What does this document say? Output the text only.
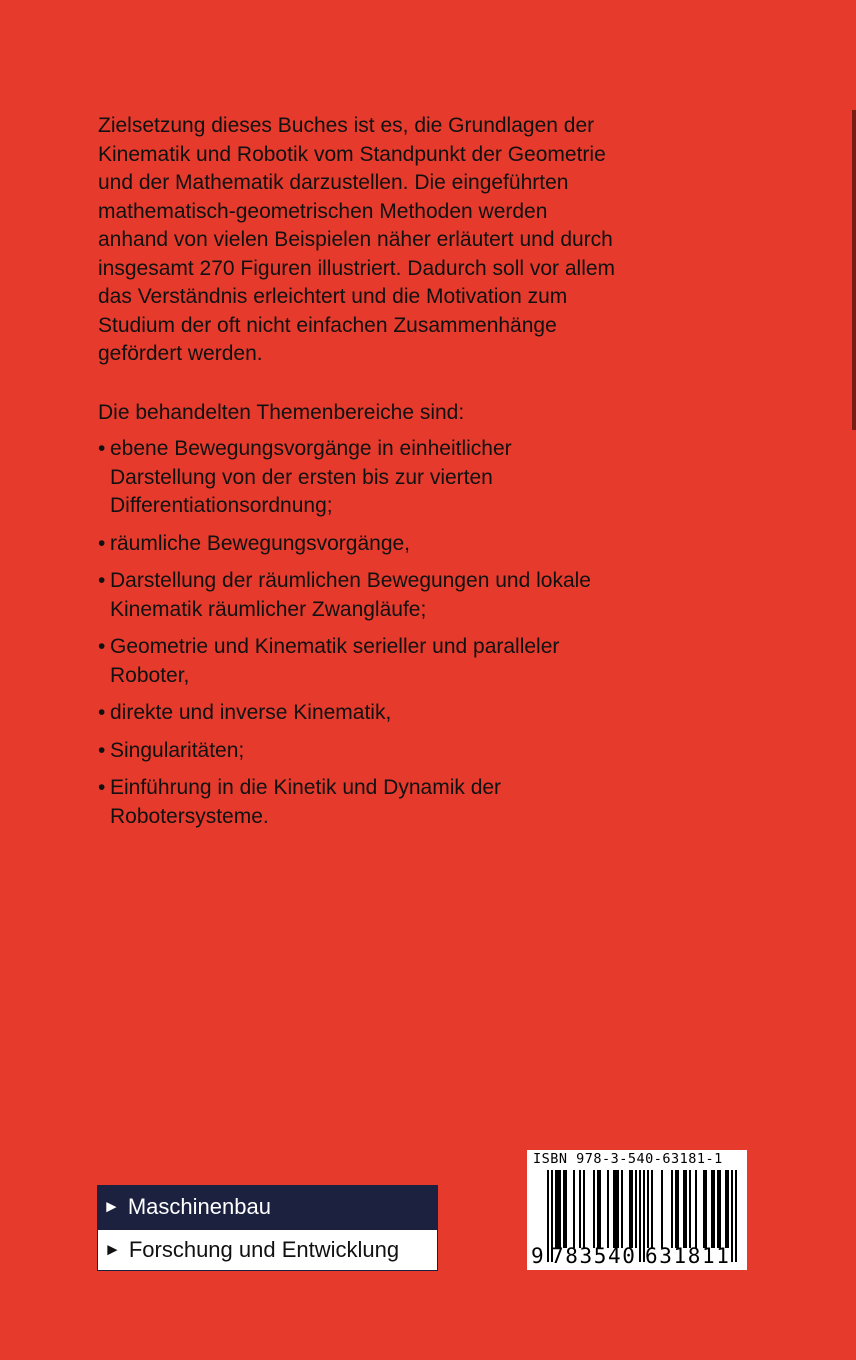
Zielsetzung dieses Buches ist es, die Grundlagen der Kinematik und Robotik vom Standpunkt der Geometrie und der Mathematik darzustellen. Die eingeführten mathematisch-geometrischen Methoden werden anhand von vielen Beispielen näher erläutert und durch insgesamt 270 Figuren illustriert. Dadurch soll vor allem das Verständnis erleichtert und die Motivation zum Studium der oft nicht einfachen Zusammenhänge gefördert werden.

Die behandelten Themenbereiche sind:

• ebene Bewegungsvorgänge in einheitlicher Darstellung von der ersten bis zur vierten Differentiationsordnung;
• räumliche Bewegungsvorgänge,
• Darstellung der räumlichen Bewegungen und lokale Kinematik räumlicher Zwangläufe;
• Geometrie und Kinematik serieller und paralleler Roboter,
• direkte und inverse Kinematik,
• Singularitäten;
• Einführung in die Kinetik und Dynamik der Robotersysteme.
► Maschinenbau
► Forschung und Entwicklung
ISBN 978-3-540-63181-1
9 783540 631811
